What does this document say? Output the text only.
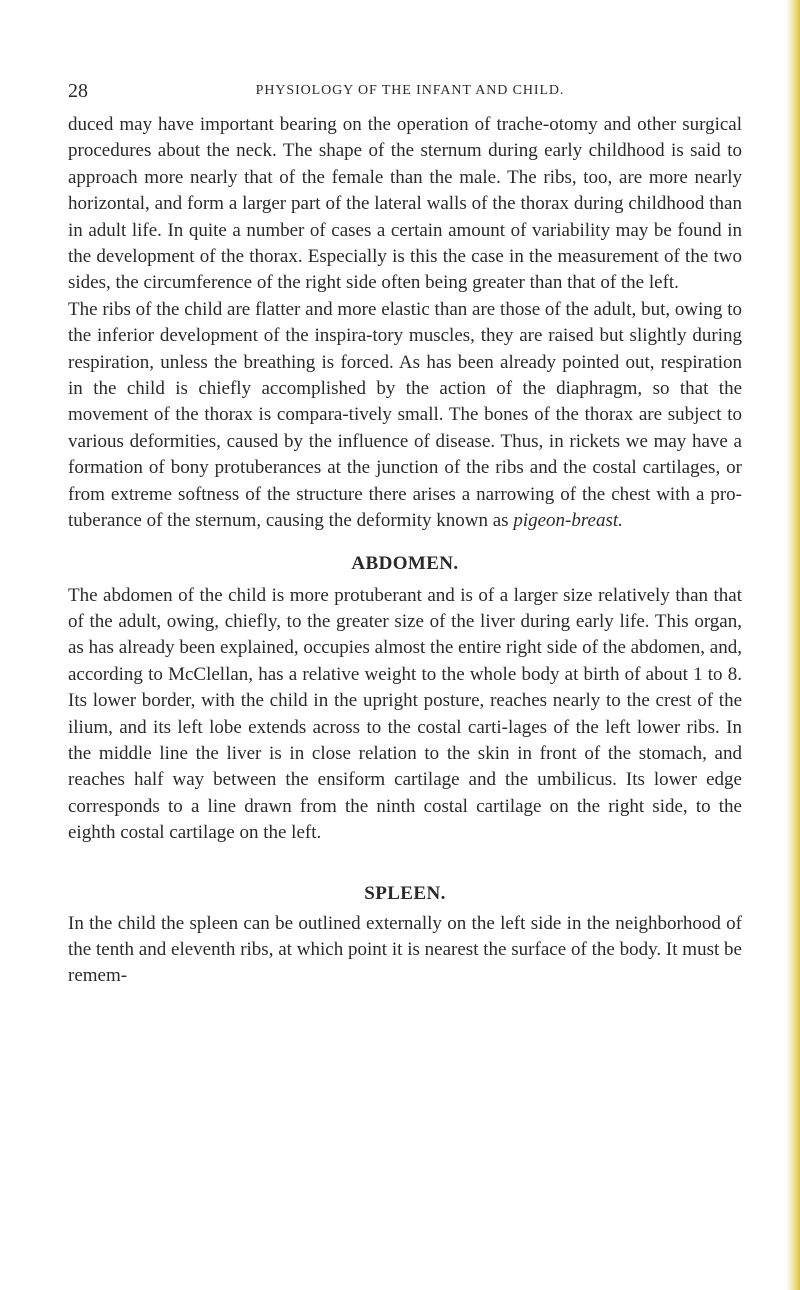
28	PHYSIOLOGY OF THE INFANT AND CHILD.

duced may have important bearing on the operation of trache-otomy and other surgical procedures about the neck. The shape of the sternum during early childhood is said to approach more nearly that of the female than the male. The ribs, too, are more nearly horizontal, and form a larger part of the lateral walls of the thorax during childhood than in adult life. In quite a number of cases a certain amount of variability may be found in the development of the thorax. Especially is this the case in the measurement of the two sides, the circumference of the right side often being greater than that of the left.

The ribs of the child are flatter and more elastic than are those of the adult, but, owing to the inferior development of the inspira-tory muscles, they are raised but slightly during respiration, unless the breathing is forced. As has been already pointed out, respiration in the child is chiefly accomplished by the action of the diaphragm, so that the movement of the thorax is compara-tively small. The bones of the thorax are subject to various deformities, caused by the influence of disease. Thus, in rickets we may have a formation of bony protuberances at the junction of the ribs and the costal cartilages, or from extreme softness of the structure there arises a narrowing of the chest with a pro-tuberance of the sternum, causing the deformity known as pigeon-breast.

ABDOMEN.

The abdomen of the child is more protuberant and is of a larger size relatively than that of the adult, owing, chiefly, to the greater size of the liver during early life. This organ, as has already been explained, occupies almost the entire right side of the abdomen, and, according to McClellan, has a relative weight to the whole body at birth of about 1 to 8. Its lower border, with the child in the upright posture, reaches nearly to the crest of the ilium, and its left lobe extends across to the costal carti-lages of the left lower ribs. In the middle line the liver is in close relation to the skin in front of the stomach, and reaches half way between the ensiform cartilage and the umbilicus. Its lower edge corresponds to a line drawn from the ninth costal cartilage on the right side, to the eighth costal cartilage on the left.

SPLEEN.

In the child the spleen can be outlined externally on the left side in the neighborhood of the tenth and eleventh ribs, at which point it is nearest the surface of the body. It must be remem-
